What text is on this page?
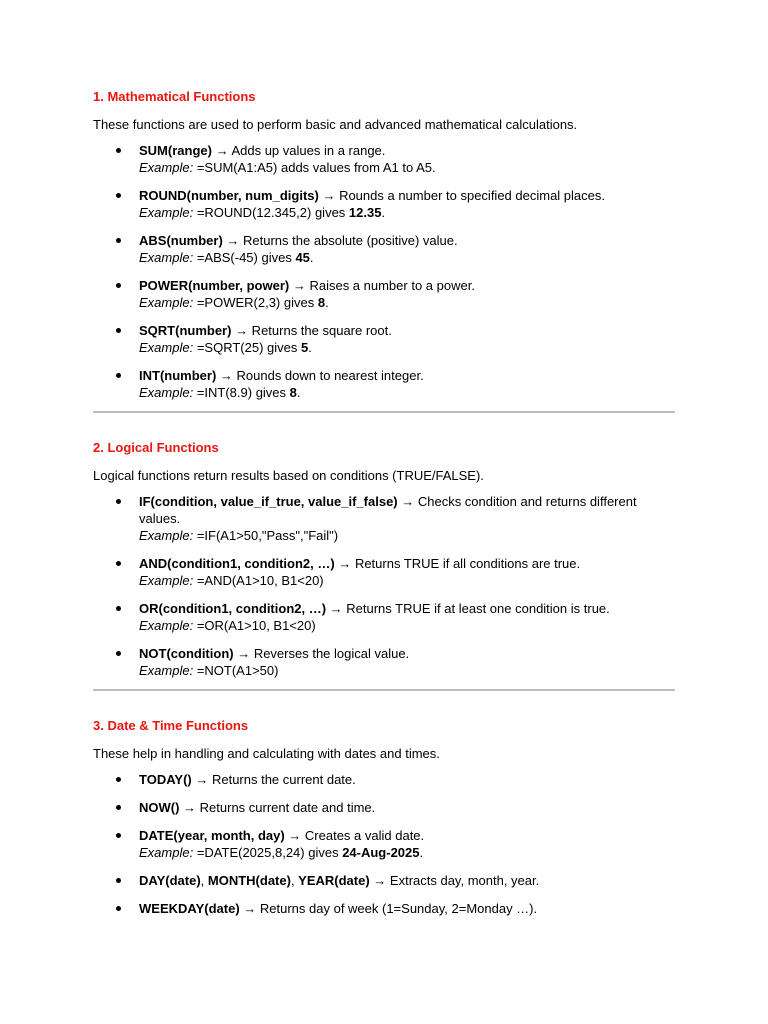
1. Mathematical Functions

These functions are used to perform basic and advanced mathematical calculations.

SUM(range) → Adds up values in a range.
Example: =SUM(A1:A5) adds values from A1 to A5.
ROUND(number, num_digits) → Rounds a number to specified decimal places.
Example: =ROUND(12.345,2) gives 12.35.
ABS(number) → Returns the absolute (positive) value.
Example: =ABS(-45) gives 45.
POWER(number, power) → Raises a number to a power.
Example: =POWER(2,3) gives 8.
SQRT(number) → Returns the square root.
Example: =SQRT(25) gives 5.
INT(number) → Rounds down to nearest integer.
Example: =INT(8.9) gives 8.
2. Logical Functions

Logical functions return results based on conditions (TRUE/FALSE).

IF(condition, value_if_true, value_if_false) → Checks condition and returns different values.
Example: =IF(A1>50,"Pass","Fail")
AND(condition1, condition2, …) → Returns TRUE if all conditions are true.
Example: =AND(A1>10, B1<20)
OR(condition1, condition2, …) → Returns TRUE if at least one condition is true.
Example: =OR(A1>10, B1<20)
NOT(condition) → Reverses the logical value.
Example: =NOT(A1>50)
3. Date & Time Functions

These help in handling and calculating with dates and times.

TODAY() → Returns the current date.
NOW() → Returns current date and time.
DATE(year, month, day) → Creates a valid date.
Example: =DATE(2025,8,24) gives 24-Aug-2025.
DAY(date), MONTH(date), YEAR(date) → Extracts day, month, year.
WEEKDAY(date) → Returns day of week (1=Sunday, 2=Monday …).
